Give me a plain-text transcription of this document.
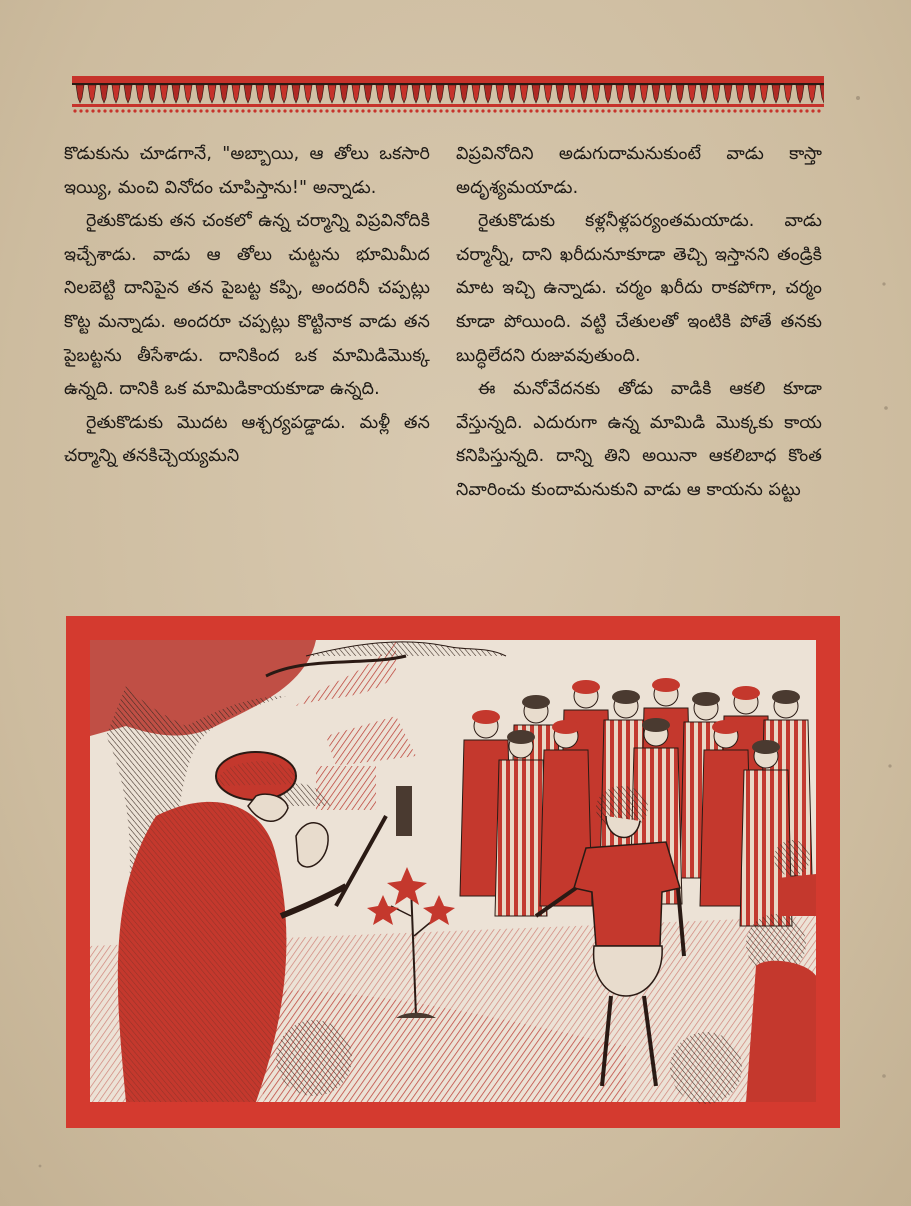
కొడుకును చూడగానే, "అబ్బాయి, ఆ తోలు ఒకసారి ఇయ్యి, మంచి వినోదం చూపిస్తాను!" అన్నాడు.

రైతుకొడుకు తన చంకలో ఉన్న చర్మాన్ని విప్రవినోదికి ఇచ్చేశాడు. వాడు ఆ తోలు చుట్టను భూమిమీద నిలబెట్టి దానిపైన తన పైబట్ట కప్పి, అందరినీ చప్పట్లు కొట్ట మన్నాడు. అందరూ చప్పట్లు కొట్టినాక వాడు తన పైబట్టను తీసేశాడు. దానికింద ఒక మామిడిమొక్క ఉన్నది. దానికి ఒక మామిడికాయకూడా ఉన్నది.

రైతుకొడుకు మొదట ఆశ్చర్యపడ్డాడు. మళ్లీ తన చర్మాన్ని తనకిచ్చెయ్యమని

విప్రవినోదిని అడుగుదామనుకుంటే వాడు కాస్తా అదృశ్యమయాడు.

రైతుకొడుకు కళ్లనీళ్లపర్యంతమయాడు. వాడు చర్మాన్నీ, దాని ఖరీదునూకూడా తెచ్చి ఇస్తానని తండ్రికి మాట ఇచ్చి ఉన్నాడు. చర్మం ఖరీదు రాకపోగా, చర్మం కూడా పోయింది. వట్టి చేతులతో ఇంటికి పోతే తనకు బుద్ధిలేదని రుజువవుతుంది.

ఈ మనోవేదనకు తోడు వాడికి ఆకలి కూడా వేస్తున్నది. ఎదురుగా ఉన్న మామిడి మొక్కకు కాయ కనిపిస్తున్నది. దాన్ని తిని అయినా ఆకలిబాధ కొంత నివారించు కుందామనుకుని వాడు ఆ కాయను పట్టు
